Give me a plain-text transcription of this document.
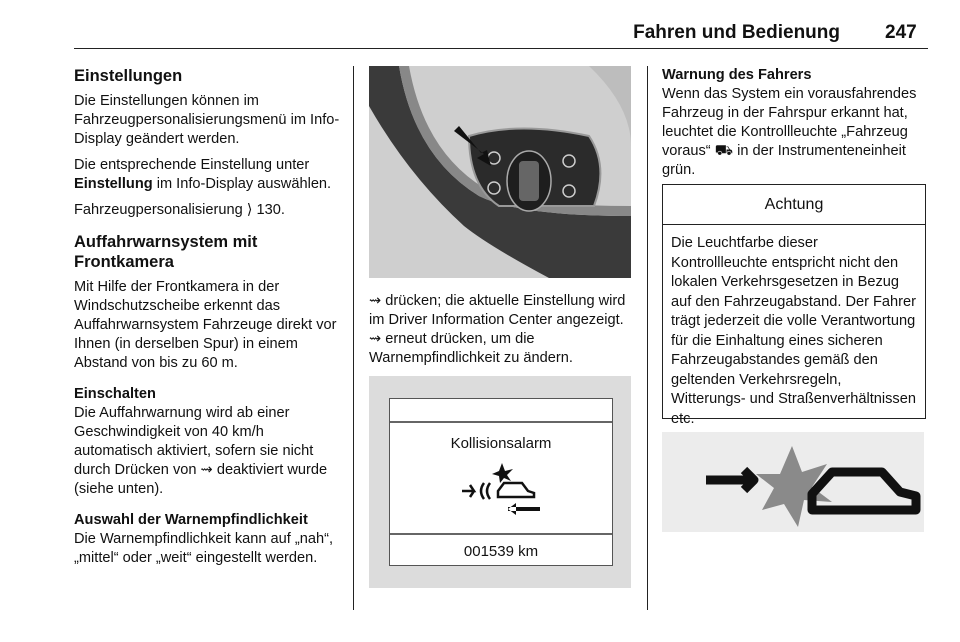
Fahren und Bedienung 247
Einstellungen

Die Einstellungen können im Fahrzeugpersonalisierungsmenü im Info-Display geändert werden.

Die entsprechende Einstellung unter Einstellung im Info-Display auswählen.

Fahrzeugpersonalisierung ⟩ 130.

Auffahrwarnsystem mit Frontkamera

Mit Hilfe der Frontkamera in der Windschutzscheibe erkennt das Auffahrwarnsystem Fahrzeuge direkt vor Ihnen (in derselben Spur) in einem Abstand von bis zu 60 m.

Einschalten

Die Auffahrwarnung wird ab einer Geschwindigkeit von 40 km/h automatisch aktiviert, sofern sie nicht durch Drücken von ⇝ deaktiviert wurde (siehe unten).

Auswahl der Warnempfindlichkeit

Die Warnempfindlichkeit kann auf „nah“, „mittel“ oder „weit“ eingestellt werden.

⇝ drücken; die aktuelle Einstellung wird im Driver Information Center angezeigt. ⇝ erneut drücken, um die Warnempfindlichkeit zu ändern.

Kollisionsalarm
001539 km
Warnung des Fahrers

Wenn das System ein vorausfahrendes Fahrzeug in der Fahrspur erkannt hat, leuchtet die Kontrollleuchte „Fahrzeug voraus“ ⛟ in der Instrumenteneinheit grün.

Achtung
Die Leuchtfarbe dieser Kontrollleuchte entspricht nicht den lokalen Verkehrsgesetzen in Bezug auf den Fahrzeugabstand. Der Fahrer trägt jederzeit die volle Verantwortung für die Einhaltung eines sicheren Fahrzeugabstandes gemäß den geltenden Verkehrsregeln, Witterungs- und Straßenverhältnissen etc.
